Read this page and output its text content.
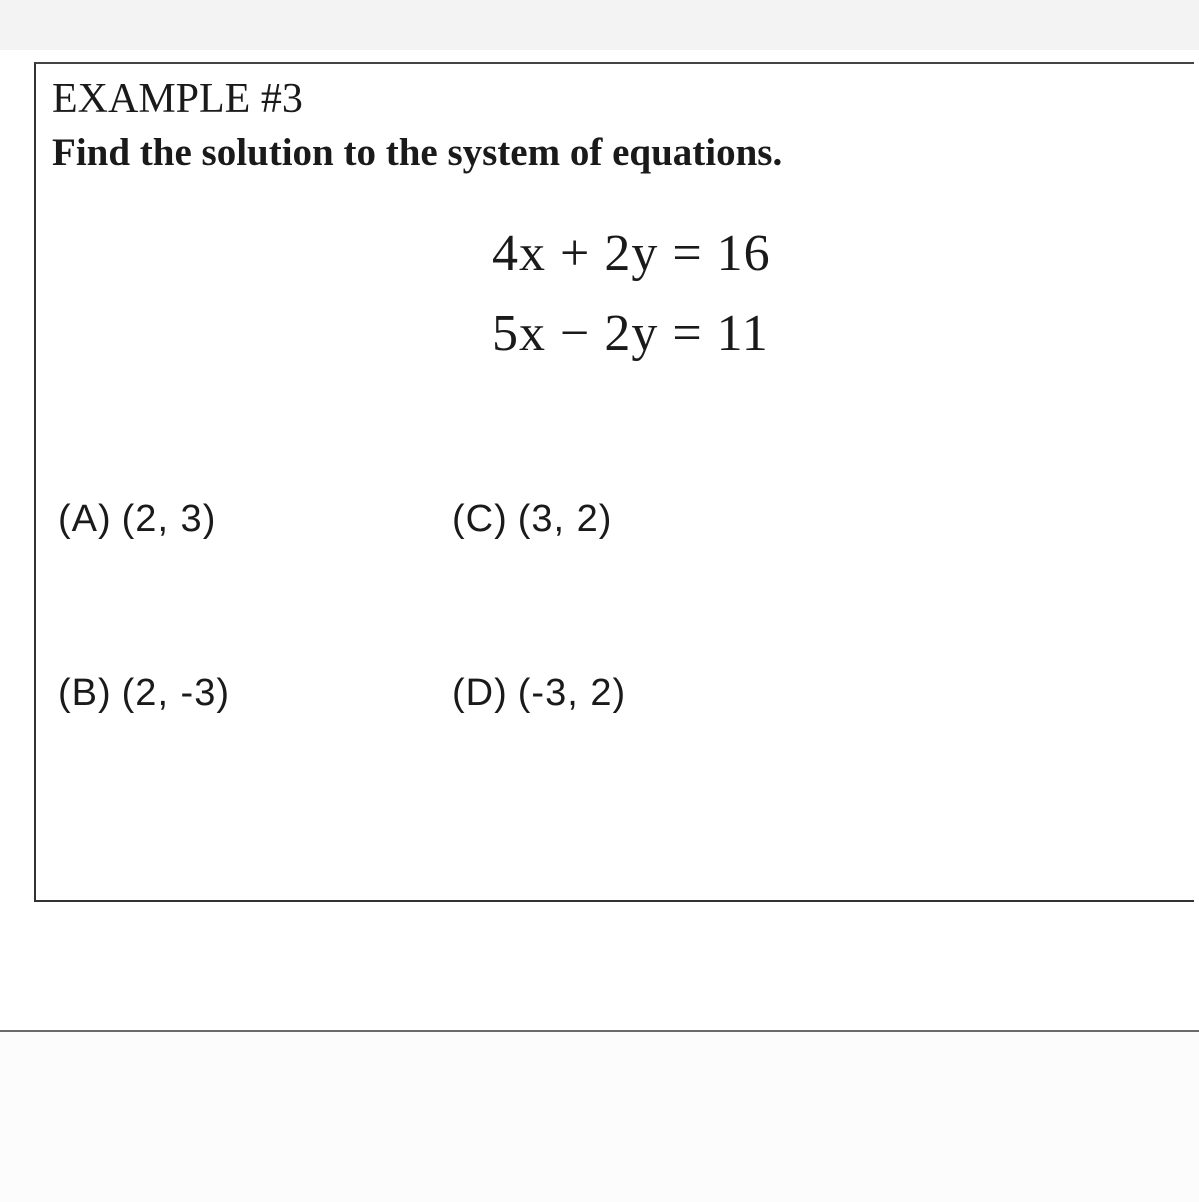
EXAMPLE #3
Find the solution to the system of equations.
4x + 2y = 16
5x − 2y = 11
(A) (2, 3)	(C) (3, 2)
(B) (2, -3)	(D) (-3, 2)
